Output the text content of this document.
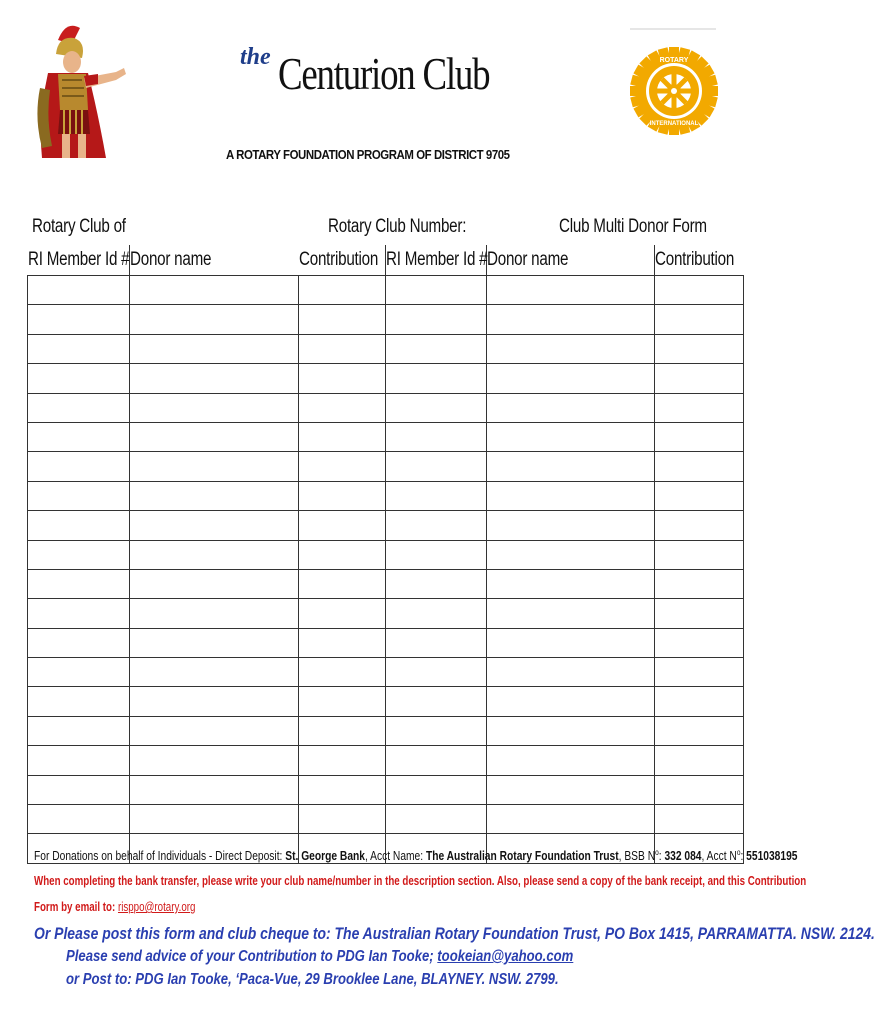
the Centurion Club
A ROTARY FOUNDATION PROGRAM OF DISTRICT 9705
ROTARY
INTERNATIONAL
Rotary Club of	Rotary Club Number:	Club Multi Donor Form
RI Member Id #	Donor name	Contribution	RI Member Id #	Donor name	Contribution

For Donations on behalf of Individuals - Direct Deposit: St. George Bank, Acct Name: The Australian Rotary Foundation Trust, BSB $N^o$: 332 084, Acct $N^o$: 551038195
When completing the bank transfer, please write your club name/number in the description section. Also, please send a copy of the bank receipt, and this Contribution
Form by email to: risppo@rotary.org
Or Please post this form and club cheque to: The Australian Rotary Foundation Trust, PO Box 1415, PARRAMATTA. NSW. 2124.
Please send advice of your Contribution to PDG Ian Tooke; tookeian@yahoo.com
or Post to: PDG Ian Tooke, ‘Paca-Vue, 29 Brooklee Lane, BLAYNEY. NSW. 2799.
